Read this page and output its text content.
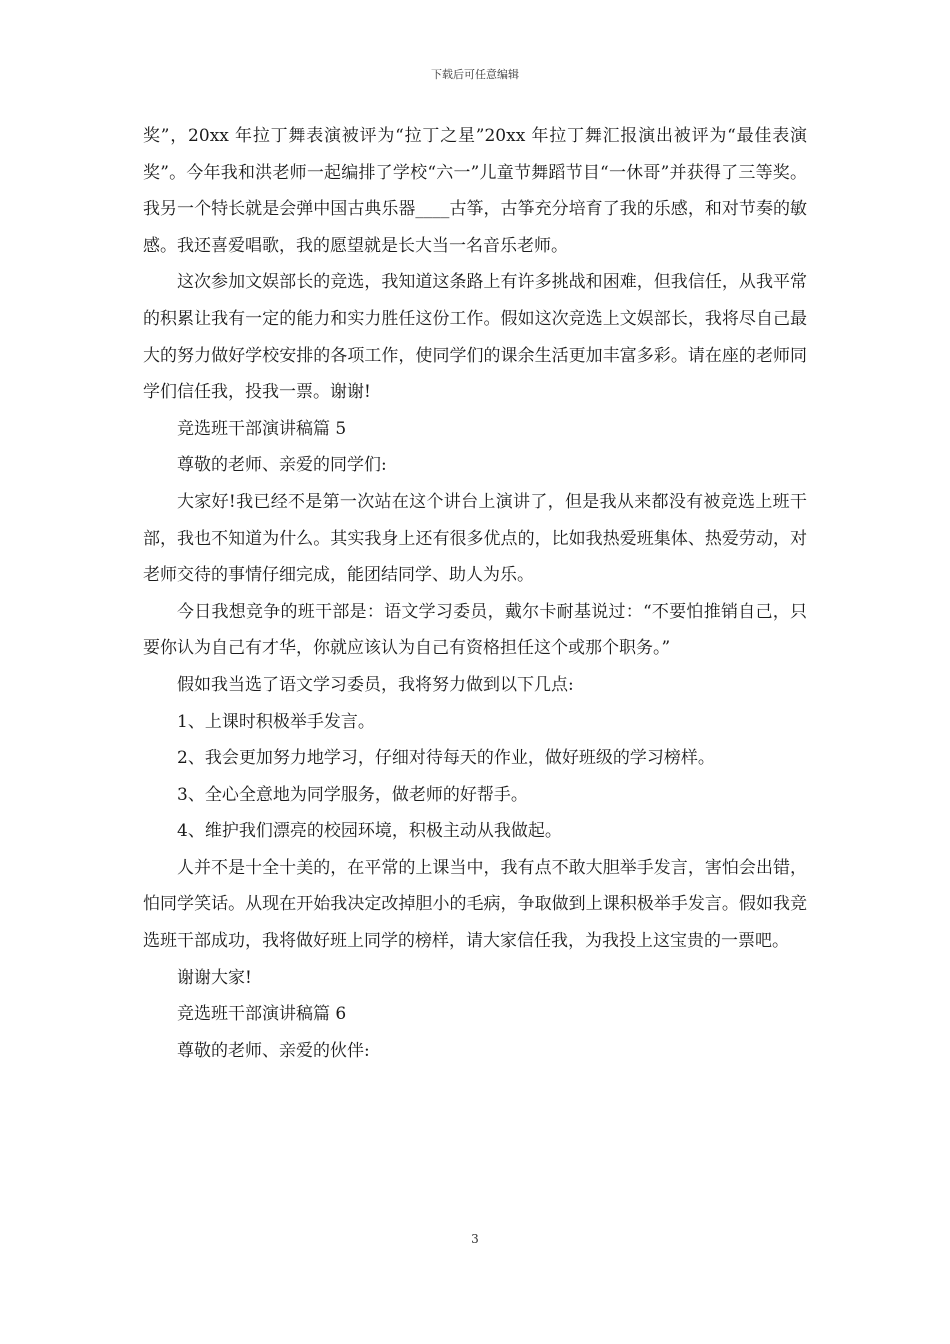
下载后可任意编辑

奖”，20xx 年拉丁舞表演被评为“拉丁之星”20xx 年拉丁舞汇报演出被评为“最佳表演奖”。今年我和洪老师一起编排了学校“六一”儿童节舞蹈节目“一休哥”并获得了三等奖。我另一个特长就是会弹中国古典乐器____古筝，古筝充分培育了我的乐感，和对节奏的敏感。我还喜爱唱歌，我的愿望就是长大当一名音乐老师。

这次参加文娱部长的竞选，我知道这条路上有许多挑战和困难，但我信任，从我平常的积累让我有一定的能力和实力胜任这份工作。假如这次竞选上文娱部长，我将尽自己最大的努力做好学校安排的各项工作，使同学们的课余生活更加丰富多彩。请在座的老师同学们信任我，投我一票。谢谢!

竞选班干部演讲稿篇 5

尊敬的老师、亲爱的同学们:

大家好!我已经不是第一次站在这个讲台上演讲了，但是我从来都没有被竞选上班干部，我也不知道为什么。其实我身上还有很多优点的，比如我热爱班集体、热爱劳动，对老师交待的事情仔细完成，能团结同学、助人为乐。

今日我想竞争的班干部是：语文学习委员，戴尔卡耐基说过：“不要怕推销自己，只要你认为自己有才华，你就应该认为自己有资格担任这个或那个职务。”

假如我当选了语文学习委员，我将努力做到以下几点:

1、上课时积极举手发言。

2、我会更加努力地学习，仔细对待每天的作业，做好班级的学习榜样。

3、全心全意地为同学服务，做老师的好帮手。

4、维护我们漂亮的校园环境，积极主动从我做起。

人并不是十全十美的，在平常的上课当中，我有点不敢大胆举手发言，害怕会出错，怕同学笑话。从现在开始我决定改掉胆小的毛病，争取做到上课积极举手发言。假如我竞选班干部成功，我将做好班上同学的榜样，请大家信任我，为我投上这宝贵的一票吧。

谢谢大家!

竞选班干部演讲稿篇 6

尊敬的老师、亲爱的伙伴:

3
